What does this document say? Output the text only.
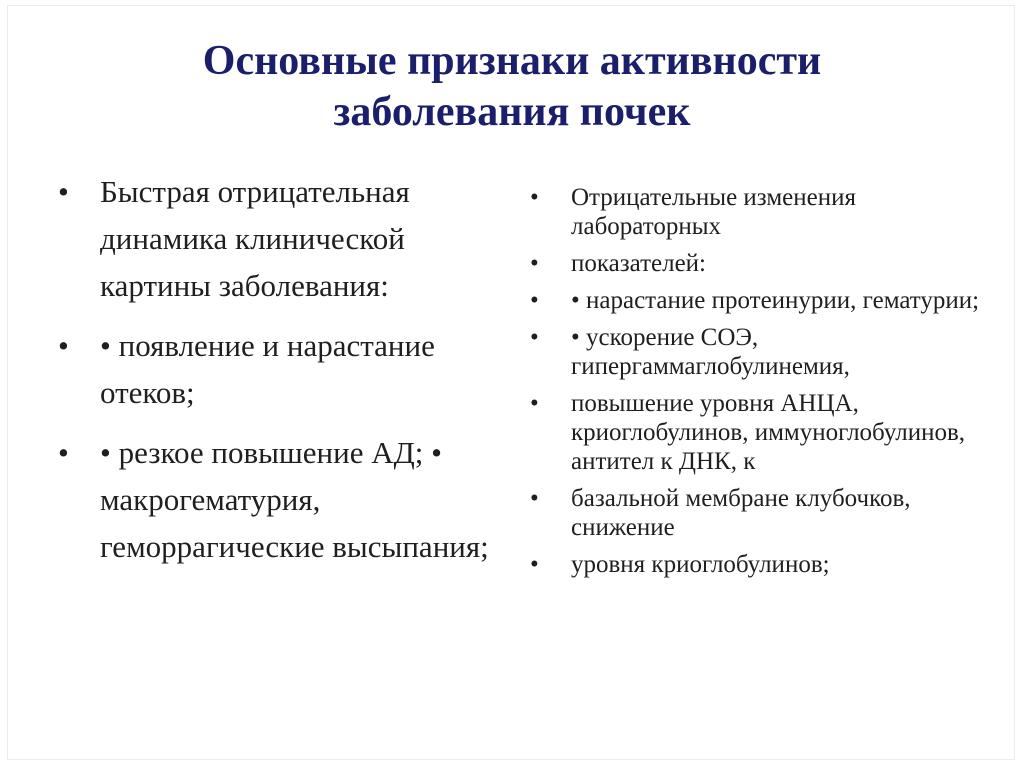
Основные признаки активности
заболевания почек
• Быстрая отрицательная динамика клинической картины заболевания:
• • появление и нарастание отеков;
• • резкое повышение АД; • макрогематурия, геморрагические высыпания;
• Отрицательные изменения лабораторных
• показателей:
• • нарастание протеинурии, гематурии;
• • ускорение СОЭ, гипергаммаглобулинемия,
• повышение уровня АНЦА, криоглобулинов, иммуноглобулинов, антител к ДНК, к
• базальной мембране клубочков, снижение
• уровня криоглобулинов;
